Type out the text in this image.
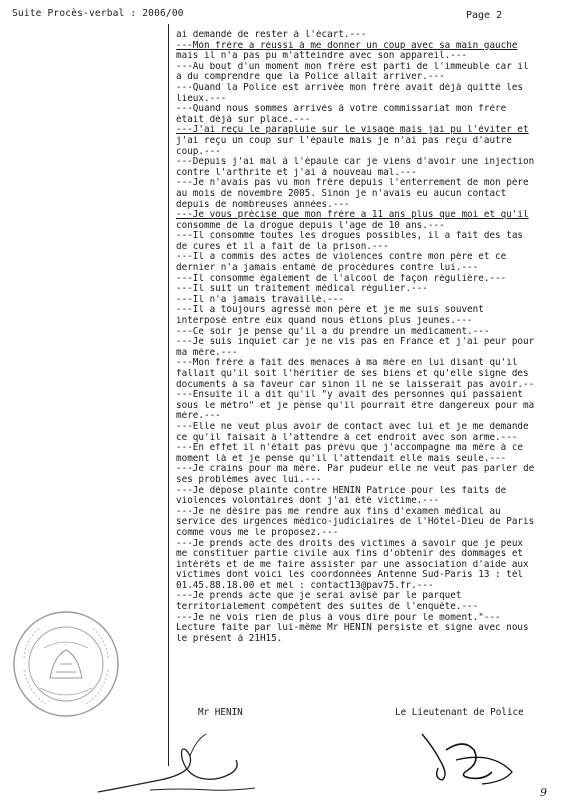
Suite Procès-verbal : 2006/00	Page 2
ai demandé de rester à l'écart.---
---Mon frère a réussi à me donner un coup avec sa main gauche
mais il n'a pas pu m'atteindre avec son appareil.---
---Au bout d'un moment mon frère est parti de l'immeuble car il
a du comprendre que la Police allait arriver.---
---Quand la Police est arrivée mon frère avait déjà quitté les
lieux.---
---Quand nous sommes arrivés à votre commissariat mon frère
était déjà sur place.---
---J'ai reçu le parapluie sur le visage mais jai pu l'éviter et
j'ai reçu un coup sur l'épaule mais je n'ai pas reçu d'autre
coup.---
---Depuis j'ai mal à l'épaule car je viens d'avoir une injection
contre l'arthrite et j'ai à nouveau mal.---
---Je n'avais pas vu mon frère depuis l'enterrement de mon père
au mois de novembre 2005. Sinon je n'avais eu aucun contact
depuis de nombreuses années.---
---Je vous précise que mon frère a 11 ans plus que moi et qu'il
consomme de la drogue depuis l'age de 10 ans.---
---Il consomme toutes les drogues possibles, il a fait des tas
de cures et il a fait de la prison.---
---Il a commis des actes de violences contre mon père et ce
dernier n'a jamais entamé de procédures contre lui.---
---Il consomme également de l'alcool de façon régulière.---
---Il suit un traitement médical régulier.---
---Il n'a jamais travaillé.---
---Il a toujours agressé mon père et je me suis souvent
interposé entre eux quand nous étions plus jeunes.---
---Ce soir je pense qu'il a du prendre un médicament.---
---Je suis inquiet car je ne vis pas en France et j'ai peur pour
ma mère.---
---Mon frère a fait des menaces à ma mère en lui disant qu'il
fallait qu'il soit l'héritier de ses biens et qu'elle signe des
documents à sa faveur car sinon il ne se laisserait pas avoir.--
---Ensuite il a dit qu'il "y avait des personnes qui passaient
sous le métro" et je pense qu'il pourrait être dangereux pour ma
mère.---
---Elle ne veut plus avoir de contact avec lui et je me demande
ce qu'il faisait à l'attendre à cet endroit avec son arme.---
---En effet il n'était pas prévu que j'accompagne ma mère à ce
moment là et je pense qu'il l'attendait elle mais seule.---
---Je crains pour ma mère. Par pudeur elle ne veut pas parler de
ses problèmes avec lui.---
---Je dépose plainte contre HENIN Patrice pour les faits de
violences volontaires dont j'ai été victime.---
---Je ne désire pas me rendre aux fins d'examen médical au
service des urgences médico-judiciaires de l'Hôtel-Dieu de Paris
comme vous me le proposez.---
---Je prends acte des droits des victimes à savoir que je peux
me constituer partie civile aux fins d'obtenir des dommages et
intérêts et de me faire assister par une association d'aide aux
victimes dont voici les coordonnées Antenne Sud-Paris 13 : tél
01.45.88.18.00 et mél : contact13@pav75.fr.---
---Je prends acte que je serai avisé par le parquet
territorialement compétent des suites de l'enquête.---
---Je ne vois rien de plus à vous dire pour le moment."---
Lecture faite par lui-même Mr HENIN persiste et signe avec nous
le présent à 21H15.
Mr HENIN	Le Lieutenant de Police
9
